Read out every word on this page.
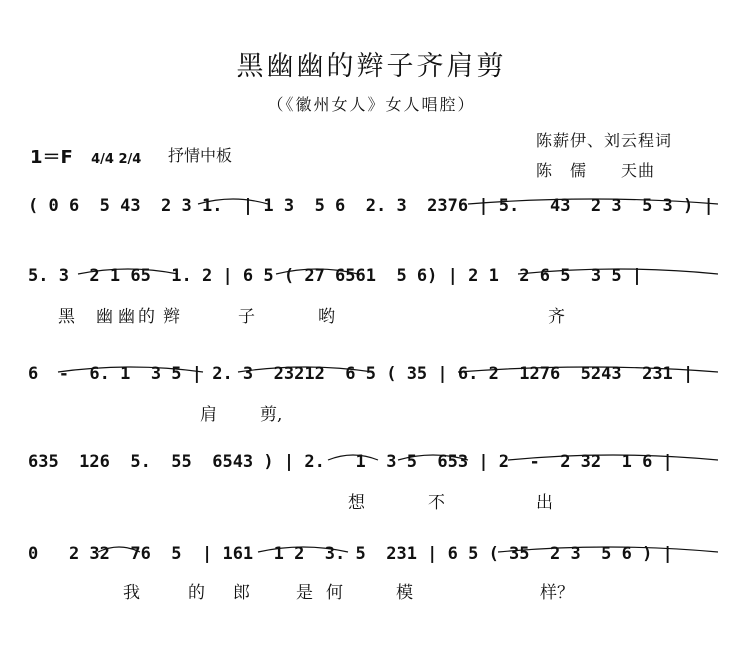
黑幽幽的辫子齐肩剪
（《徽州女人》女人唱腔）
1＝F 4/4 2/4 抒情中板
陈薪伊、刘云程词
陈　儒　　天曲
( 0 6  5 43  2 3 1.  | 1 3  5 6  2. 3  2376 | 5.   43  2 3  5 3 ) |
5. 3  2 1 65  1. 2 | 6 5 ( 27 6561  5 6) | 2 1  2 6 5  3 5 |
黑 幽 幽 的 辫	子	哟	齐
6  -  6. 1  3 5 | 2. 3  23212  6 5 ( 35 | 6. 2  1276  5243  231 |
肩	剪,
635  126  5.  55  6543 ) | 2.   1  3 5  653 | 2  -  2 32  1 6 |
想	不	出
0   2 32  76  5  | 161  1 2  3. 5  231 | 6 5 ( 35  2 3  5 6 ) |
我	的 郎	是 何	模	样？
